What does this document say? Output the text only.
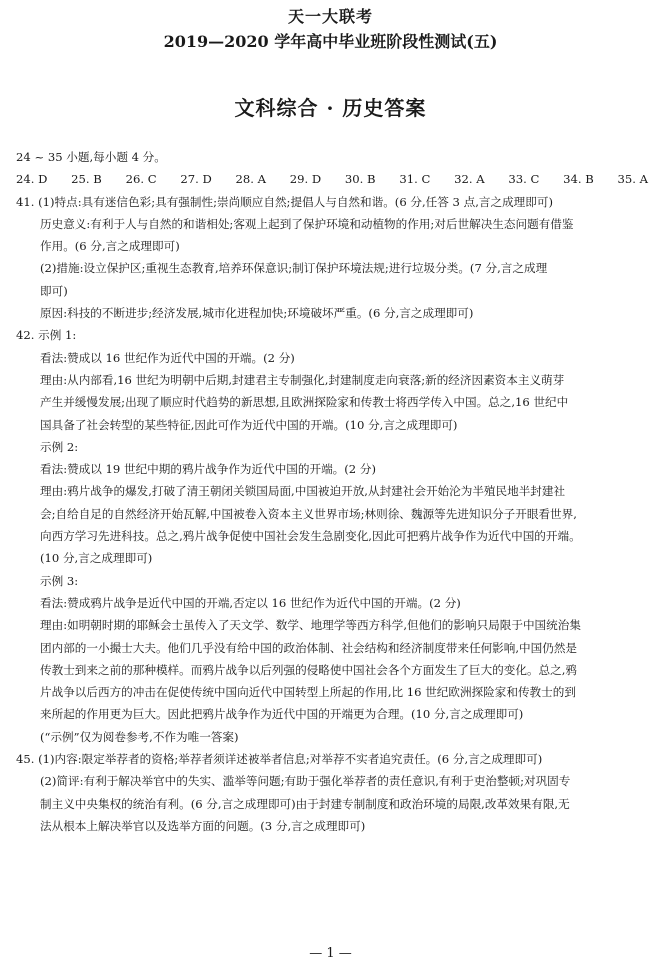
天一大联考
2019—2020 学年高中毕业班阶段性测试(五)
文科综合 · 历史答案
24 ~ 35 小题,每小题 4 分。
24. D 25. B 26. C 27. D 28. A 29. D 30. B 31. C 32. A 33. C 34. B 35. A
41. (1)特点:具有迷信色彩;具有强制性;崇尚顺应自然;提倡人与自然和谐。(6 分,任答 3 点,言之成理即可)
历史意义:有利于人与自然的和谐相处;客观上起到了保护环境和动植物的作用;对后世解决生态问题有借鉴
作用。(6 分,言之成理即可)
(2)措施:设立保护区;重视生态教育,培养环保意识;制订保护环境法规;进行垃圾分类。(7 分,言之成理
即可)
原因:科技的不断进步;经济发展,城市化进程加快;环境破坏严重。(6 分,言之成理即可)
42. 示例 1:
看法:赞成以 16 世纪作为近代中国的开端。(2 分)
理由:从内部看,16 世纪为明朝中后期,封建君主专制强化,封建制度走向衰落;新的经济因素资本主义萌芽
产生并缓慢发展;出现了顺应时代趋势的新思想,且欧洲探险家和传教士将西学传入中国。总之,16 世纪中
国具备了社会转型的某些特征,因此可作为近代中国的开端。(10 分,言之成理即可)
示例 2:
看法:赞成以 19 世纪中期的鸦片战争作为近代中国的开端。(2 分)
理由:鸦片战争的爆发,打破了清王朝闭关锁国局面,中国被迫开放,从封建社会开始沦为半殖民地半封建社
会;自给自足的自然经济开始瓦解,中国被卷入资本主义世界市场;林则徐、魏源等先进知识分子开眼看世界,
向西方学习先进科技。总之,鸦片战争促使中国社会发生急剧变化,因此可把鸦片战争作为近代中国的开端。
(10 分,言之成理即可)
示例 3:
看法:赞成鸦片战争是近代中国的开端,否定以 16 世纪作为近代中国的开端。(2 分)
理由:如明朝时期的耶稣会士虽传入了天文学、数学、地理学等西方科学,但他们的影响只局限于中国统治集
团内部的一小撮士大夫。他们几乎没有给中国的政治体制、社会结构和经济制度带来任何影响,中国仍然是
传教士到来之前的那种模样。而鸦片战争以后列强的侵略使中国社会各个方面发生了巨大的变化。总之,鸦
片战争以后西方的冲击在促使传统中国向近代中国转型上所起的作用,比 16 世纪欧洲探险家和传教士的到
来所起的作用更为巨大。因此把鸦片战争作为近代中国的开端更为合理。(10 分,言之成理即可)
(“示例”仅为阅卷参考,不作为唯一答案)
45. (1)内容:限定举荐者的资格;举荐者须详述被举者信息;对举荐不实者追究责任。(6 分,言之成理即可)
(2)简评:有利于解决举官中的失实、滥举等问题;有助于强化举荐者的责任意识,有利于吏治整顿;对巩固专
制主义中央集权的统治有利。(6 分,言之成理即可)由于封建专制制度和政治环境的局限,改革效果有限,无
法从根本上解决举官以及选举方面的问题。(3 分,言之成理即可)
— 1 —
